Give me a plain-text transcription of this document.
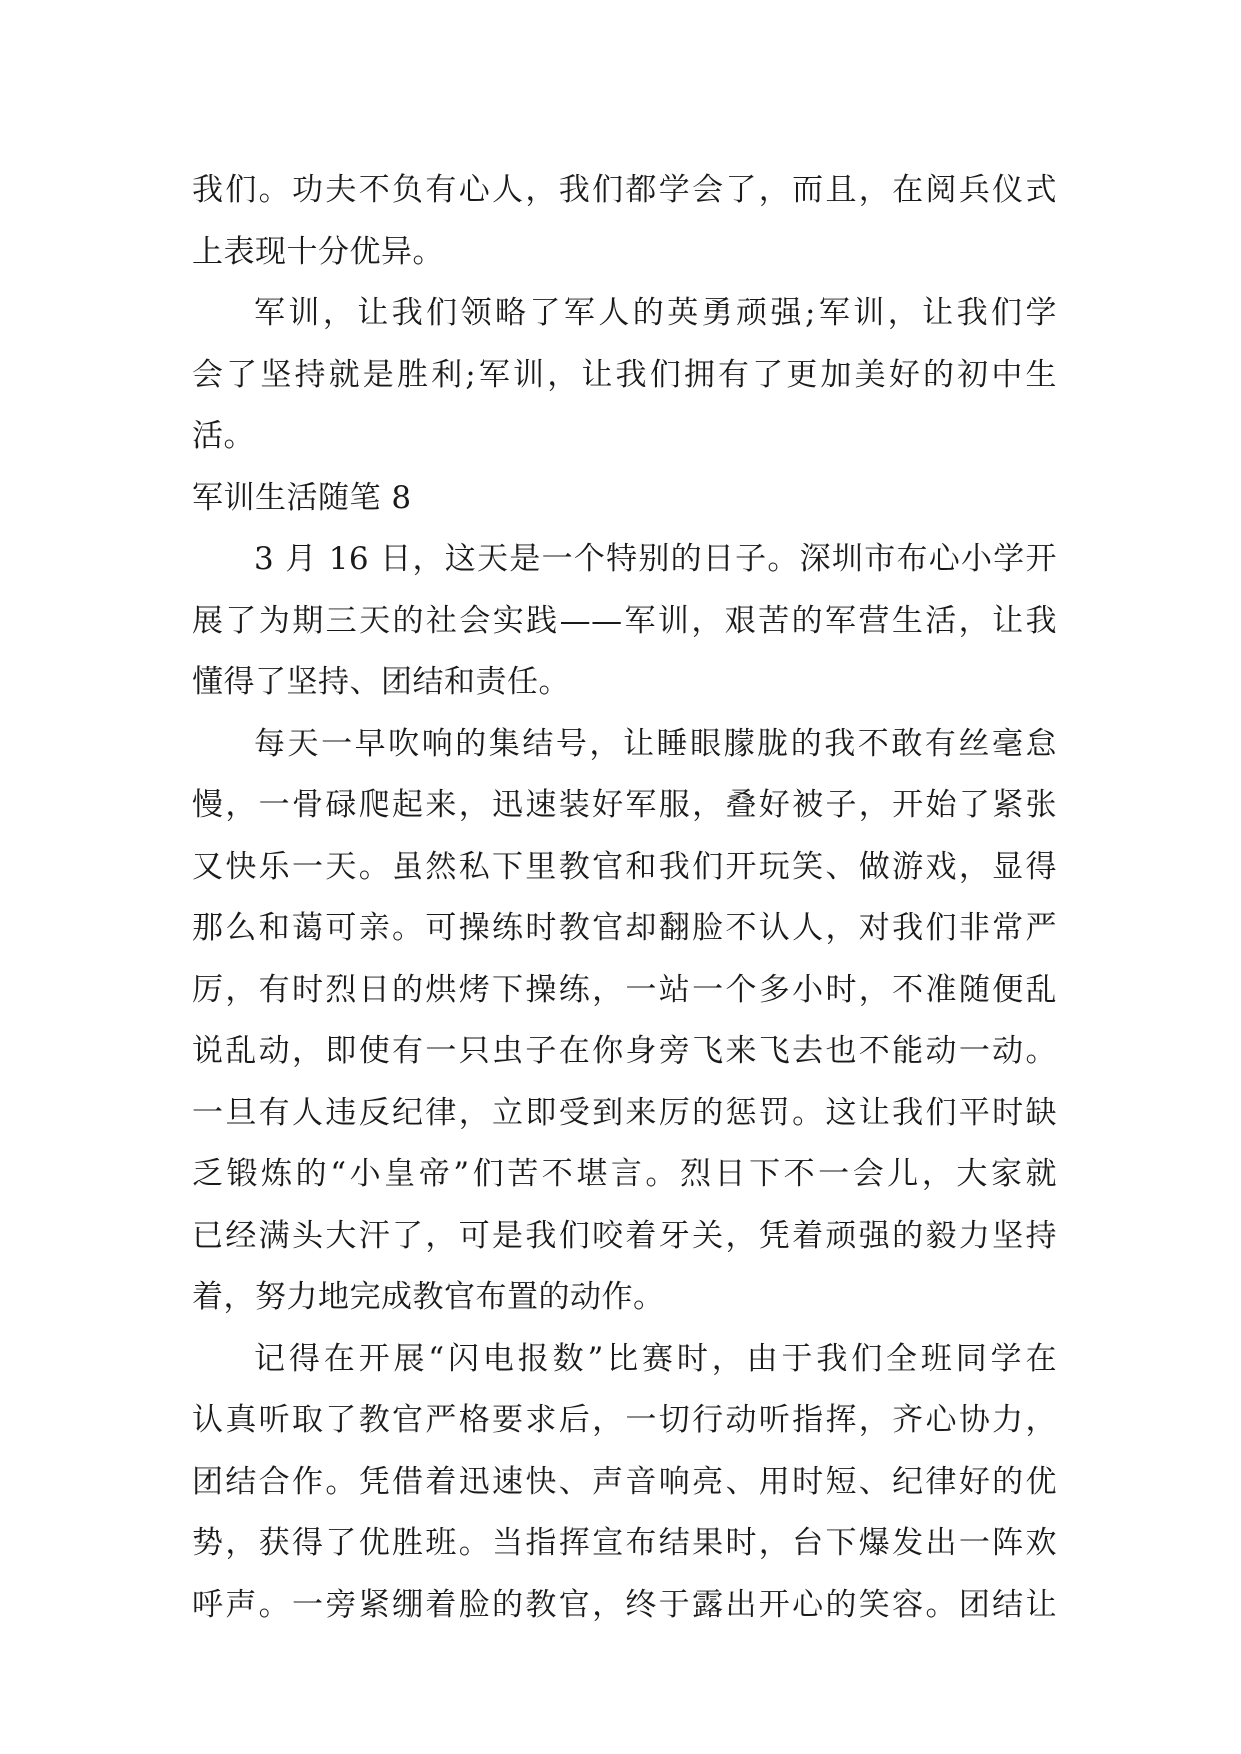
我们。功夫不负有心人，我们都学会了，而且，在阅兵仪式
上表现十分优异。
军训，让我们领略了军人的英勇顽强;军训，让我们学
会了坚持就是胜利;军训，让我们拥有了更加美好的初中生
活。
军训生活随笔 8
3 月 16 日，这天是一个特别的日子。深圳市布心小学开
展了为期三天的社会实践——军训，艰苦的军营生活，让我
懂得了坚持、团结和责任。
每天一早吹响的集结号，让睡眼朦胧的我不敢有丝毫怠
慢，一骨碌爬起来，迅速装好军服，叠好被子，开始了紧张
又快乐一天。虽然私下里教官和我们开玩笑、做游戏，显得
那么和蔼可亲。可操练时教官却翻脸不认人，对我们非常严
厉，有时烈日的烘烤下操练，一站一个多小时，不准随便乱
说乱动，即使有一只虫子在你身旁飞来飞去也不能动一动。
一旦有人违反纪律，立即受到来厉的惩罚。这让我们平时缺
乏锻炼的“小皇帝”们苦不堪言。烈日下不一会儿，大家就
已经满头大汗了，可是我们咬着牙关，凭着顽强的毅力坚持
着，努力地完成教官布置的动作。
记得在开展“闪电报数”比赛时，由于我们全班同学在
认真听取了教官严格要求后，一切行动听指挥，齐心协力，
团结合作。凭借着迅速快、声音响亮、用时短、纪律好的优
势，获得了优胜班。当指挥宣布结果时，台下爆发出一阵欢
呼声。一旁紧绷着脸的教官，终于露出开心的笑容。团结让
